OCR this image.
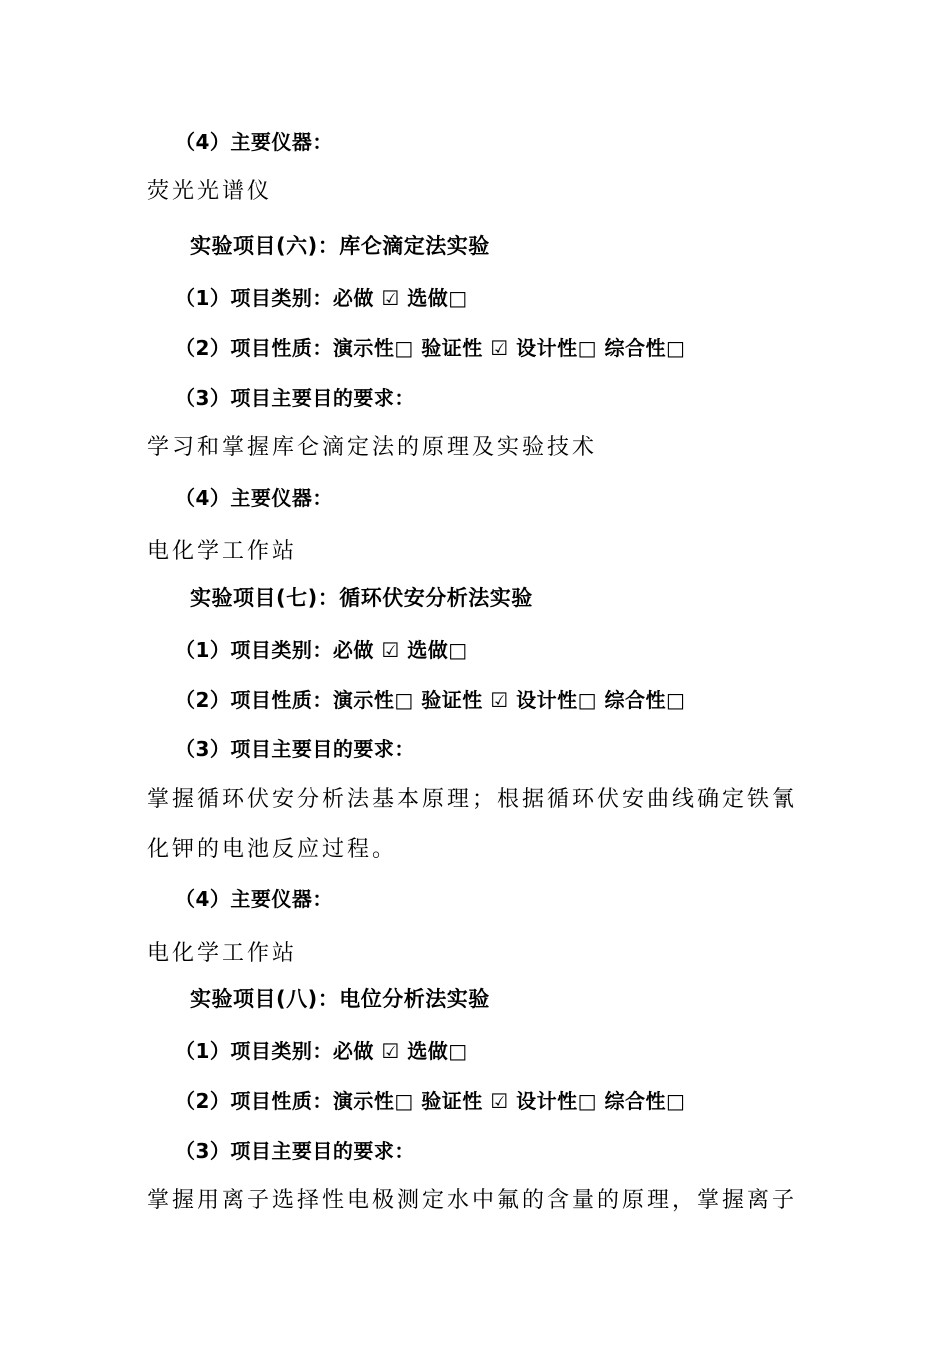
（4）主要仪器：
荧光光谱仪
实验项目(六)：库仑滴定法实验
（1）项目类别：必做 ☑ 选做□
（2）项目性质：演示性□ 验证性 ☑ 设计性□ 综合性□
（3）项目主要目的要求：
学习和掌握库仑滴定法的原理及实验技术
（4）主要仪器：
电化学工作站
实验项目(七)：循环伏安分析法实验
（1）项目类别：必做 ☑ 选做□
（2）项目性质：演示性□ 验证性 ☑ 设计性□ 综合性□
（3）项目主要目的要求：
掌握循环伏安分析法基本原理；根据循环伏安曲线确定铁氰
化钾的电池反应过程。
（4）主要仪器：
电化学工作站
实验项目(八)：电位分析法实验
（1）项目类别：必做 ☑ 选做□
（2）项目性质：演示性□ 验证性 ☑ 设计性□ 综合性□
（3）项目主要目的要求：
掌握用离子选择性电极测定水中氟的含量的原理，掌握离子
